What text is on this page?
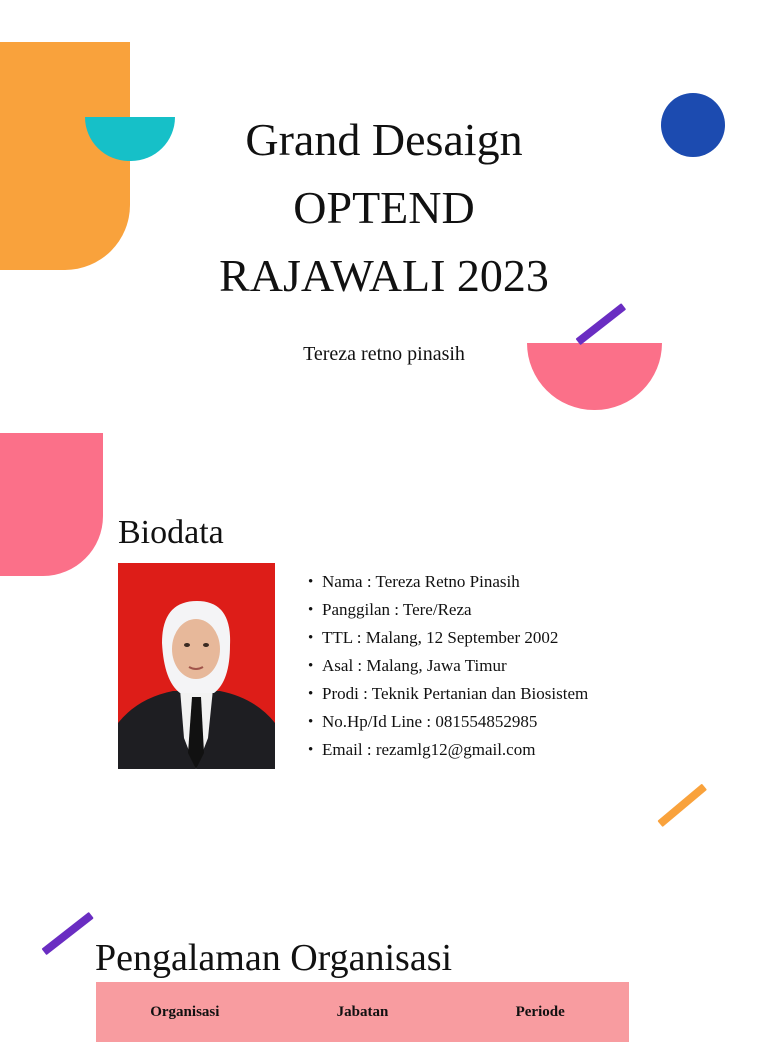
Grand Desaign
OPTEND
RAJAWALI 2023
Tereza retno pinasih
Biodata
• Nama : Tereza Retno Pinasih
• Panggilan : Tere/Reza
• TTL : Malang, 12 September 2002
• Asal : Malang, Jawa Timur
• Prodi : Teknik Pertanian dan Biosistem
• No.Hp/Id Line : 081554852985
• Email : rezamlg12@gmail.com
Pengalaman Organisasi
Organisasi	Jabatan	Periode
